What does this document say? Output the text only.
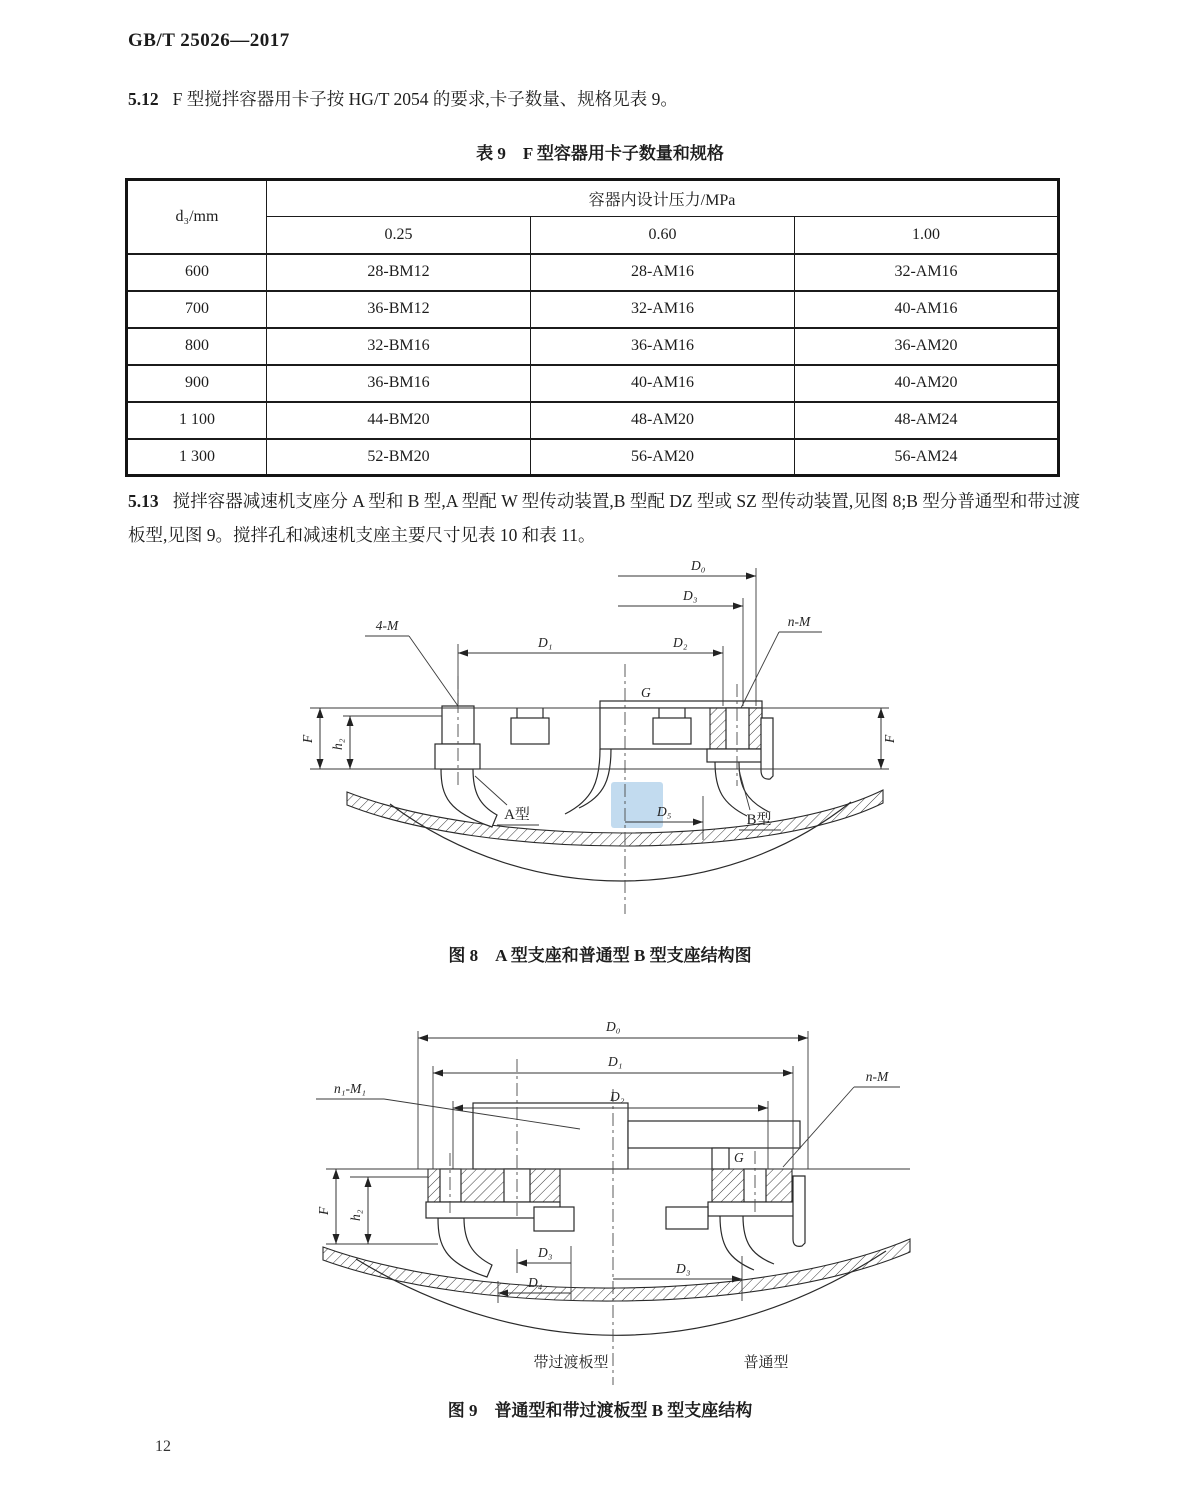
GB/T 25026—2017
5.12 F 型搅拌容器用卡子按 HG/T 2054 的要求,卡子数量、规格见表 9。
表 9　F 型容器用卡子数量和规格
d₃/mm	容器内设计压力/MPa		
	0.25	0.60	1.00
600	28-BM12	28-AM16	32-AM16
700	36-BM12	32-AM16	40-AM16
800	32-BM16	36-AM16	36-AM20
900	36-BM16	40-AM16	40-AM20
1 100	44-BM20	48-AM20	48-AM24
1 300	52-BM20	56-AM20	56-AM24
5.13 搅拌容器减速机支座分 A 型和 B 型,A 型配 W 型传动装置,B 型配 DZ 型或 SZ 型传动装置,见图 8;B 型分普通型和带过渡板型,见图 9。搅拌孔和减速机支座主要尺寸见表 10 和表 11。
D₁	D₂
D₃
D₀
D₅
F h₂	F
4-M	n-M
G
A型	B型
图 8　A 型支座和普通型 B 型支座结构图
D₀
D₁
D₂
F h₂
D₃
D₄
D₃
n₁-M₁
n-M
G
带过渡板型	普通型
图 9　普通型和带过渡板型 B 型支座结构
12
